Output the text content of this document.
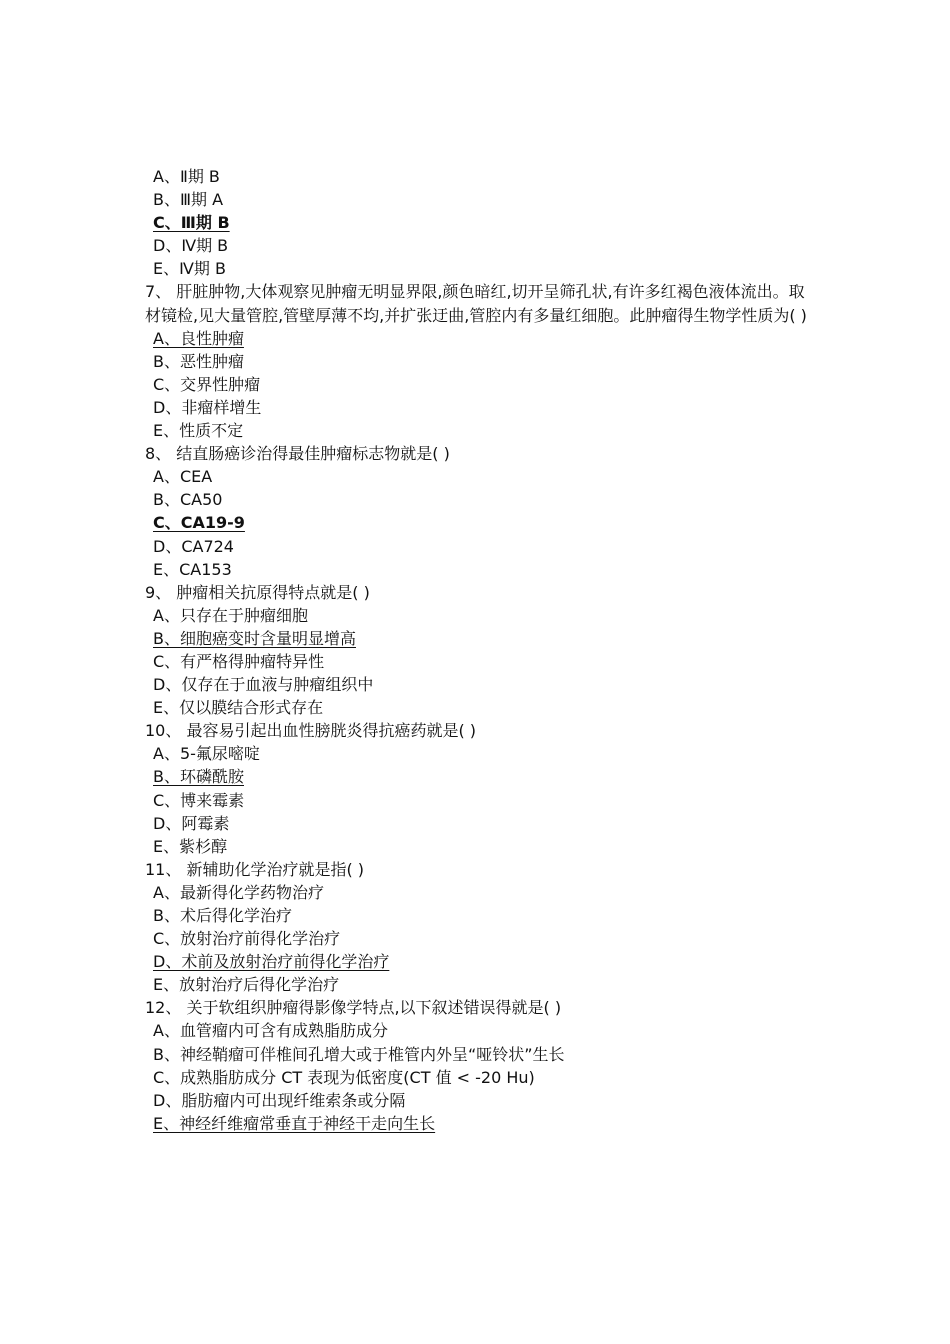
A、Ⅱ期 B
B、Ⅲ期 A
C、Ⅲ期 B
D、Ⅳ期 B
E、Ⅳ期 B
7、 肝脏肿物,大体观察见肿瘤无明显界限,颜色暗红,切开呈筛孔状,有许多红褐色液体流出。取材镜检,见大量管腔,管壁厚薄不均,并扩张迂曲,管腔内有多量红细胞。此肿瘤得生物学性质为( )
A、良性肿瘤
B、恶性肿瘤
C、交界性肿瘤
D、非瘤样增生
E、性质不定
8、 结直肠癌诊治得最佳肿瘤标志物就是( )
A、CEA
B、CA50
C、CA19-9
D、CA724
E、CA153
9、 肿瘤相关抗原得特点就是( )
A、只存在于肿瘤细胞
B、细胞癌变时含量明显增高
C、有严格得肿瘤特异性
D、仅存在于血液与肿瘤组织中
E、仅以膜结合形式存在
10、 最容易引起出血性膀胱炎得抗癌药就是( )
A、5-氟尿嘧啶
B、环磷酰胺
C、博来霉素
D、阿霉素
E、紫杉醇
11、 新辅助化学治疗就是指( )
A、最新得化学药物治疗
B、术后得化学治疗
C、放射治疗前得化学治疗
D、术前及放射治疗前得化学治疗
E、放射治疗后得化学治疗
12、 关于软组织肿瘤得影像学特点,以下叙述错误得就是( )
A、血管瘤内可含有成熟脂肪成分
B、神经鞘瘤可伴椎间孔增大或于椎管内外呈“哑铃状”生长
C、成熟脂肪成分 CT 表现为低密度(CT 值 < -20 Hu)
D、脂肪瘤内可出现纤维索条或分隔
E、神经纤维瘤常垂直于神经干走向生长
